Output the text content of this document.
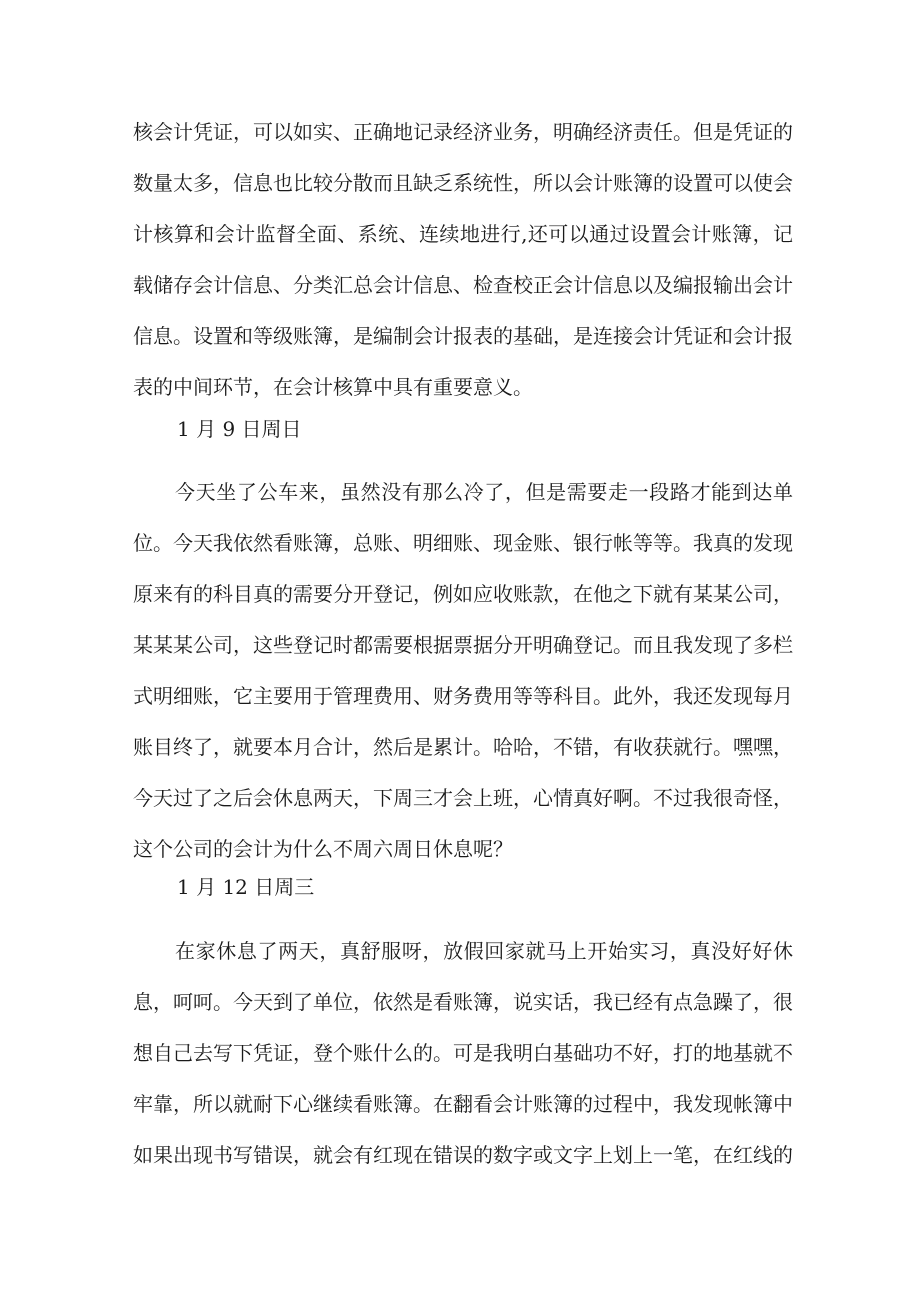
核会计凭证，可以如实、正确地记录经济业务，明确经济责任。但是凭证的
数量太多，信息也比较分散而且缺乏系统性，所以会计账簿的设置可以使会
计核算和会计监督全面、系统、连续地进行,还可以通过设置会计账簿，记
载储存会计信息、分类汇总会计信息、检查校正会计信息以及编报输出会计
信息。设置和等级账簿，是编制会计报表的基础，是连接会计凭证和会计报
表的中间环节，在会计核算中具有重要意义。
1 月 9 日周日
今天坐了公车来，虽然没有那么冷了，但是需要走一段路才能到达单
位。今天我依然看账簿，总账、明细账、现金账、银行帐等等。我真的发现
原来有的科目真的需要分开登记，例如应收账款，在他之下就有某某公司，
某某某公司，这些登记时都需要根据票据分开明确登记。而且我发现了多栏
式明细账，它主要用于管理费用、财务费用等等科目。此外，我还发现每月
账目终了，就要本月合计，然后是累计。哈哈，不错，有收获就行。嘿嘿，
今天过了之后会休息两天，下周三才会上班，心情真好啊。不过我很奇怪，
这个公司的会计为什么不周六周日休息呢？
1 月 12 日周三
在家休息了两天，真舒服呀，放假回家就马上开始实习，真没好好休
息，呵呵。今天到了单位，依然是看账簿，说实话，我已经有点急躁了，很
想自己去写下凭证，登个账什么的。可是我明白基础功不好，打的地基就不
牢靠，所以就耐下心继续看账簿。在翻看会计账簿的过程中，我发现帐簿中
如果出现书写错误，就会有红现在错误的数字或文字上划上一笔，在红线的
